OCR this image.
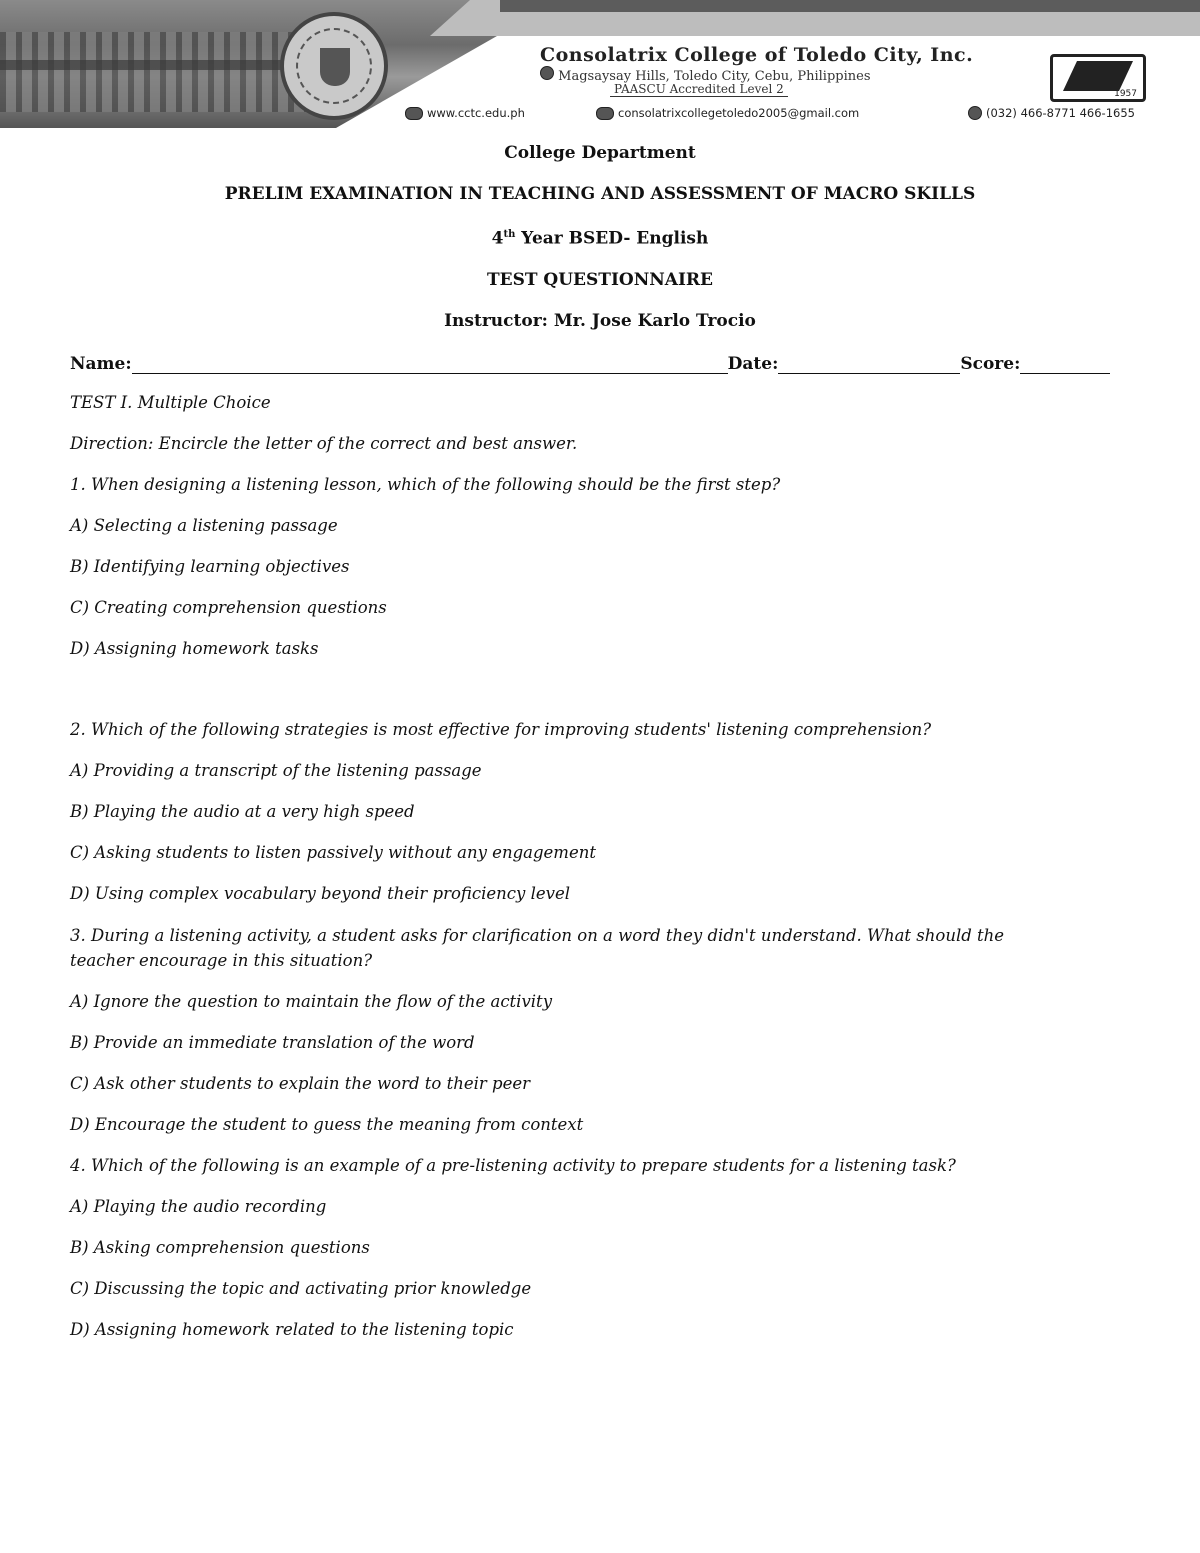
Consolatrix College of Toledo City, Inc.
Magsaysay Hills, Toledo City, Cebu, Philippines
PAASCU Accredited Level 2	1957
www.cctc.edu.ph	consolatrixcollegetoledo2005@gmail.com	(032) 466-8771 466-1655

College Department

PRELIM EXAMINATION IN TEACHING AND ASSESSMENT OF MACRO SKILLS

4th Year BSED- English

TEST QUESTIONNAIRE

Instructor: Mr. Jose Karlo Trocio

Name:	Date:	Score:

TEST I. Multiple Choice

Direction: Encircle the letter of the correct and best answer.

1. When designing a listening lesson, which of the following should be the first step?

A) Selecting a listening passage

B) Identifying learning objectives

C) Creating comprehension questions

D) Assigning homework tasks

2. Which of the following strategies is most effective for improving students' listening comprehension?

A) Providing a transcript of the listening passage

B) Playing the audio at a very high speed

C) Asking students to listen passively without any engagement

D) Using complex vocabulary beyond their proficiency level

3. During a listening activity, a student asks for clarification on a word they didn't understand. What should the teacher encourage in this situation?

A) Ignore the question to maintain the flow of the activity

B) Provide an immediate translation of the word

C) Ask other students to explain the word to their peer

D) Encourage the student to guess the meaning from context

4. Which of the following is an example of a pre-listening activity to prepare students for a listening task?

A) Playing the audio recording

B) Asking comprehension questions

C) Discussing the topic and activating prior knowledge

D) Assigning homework related to the listening topic
